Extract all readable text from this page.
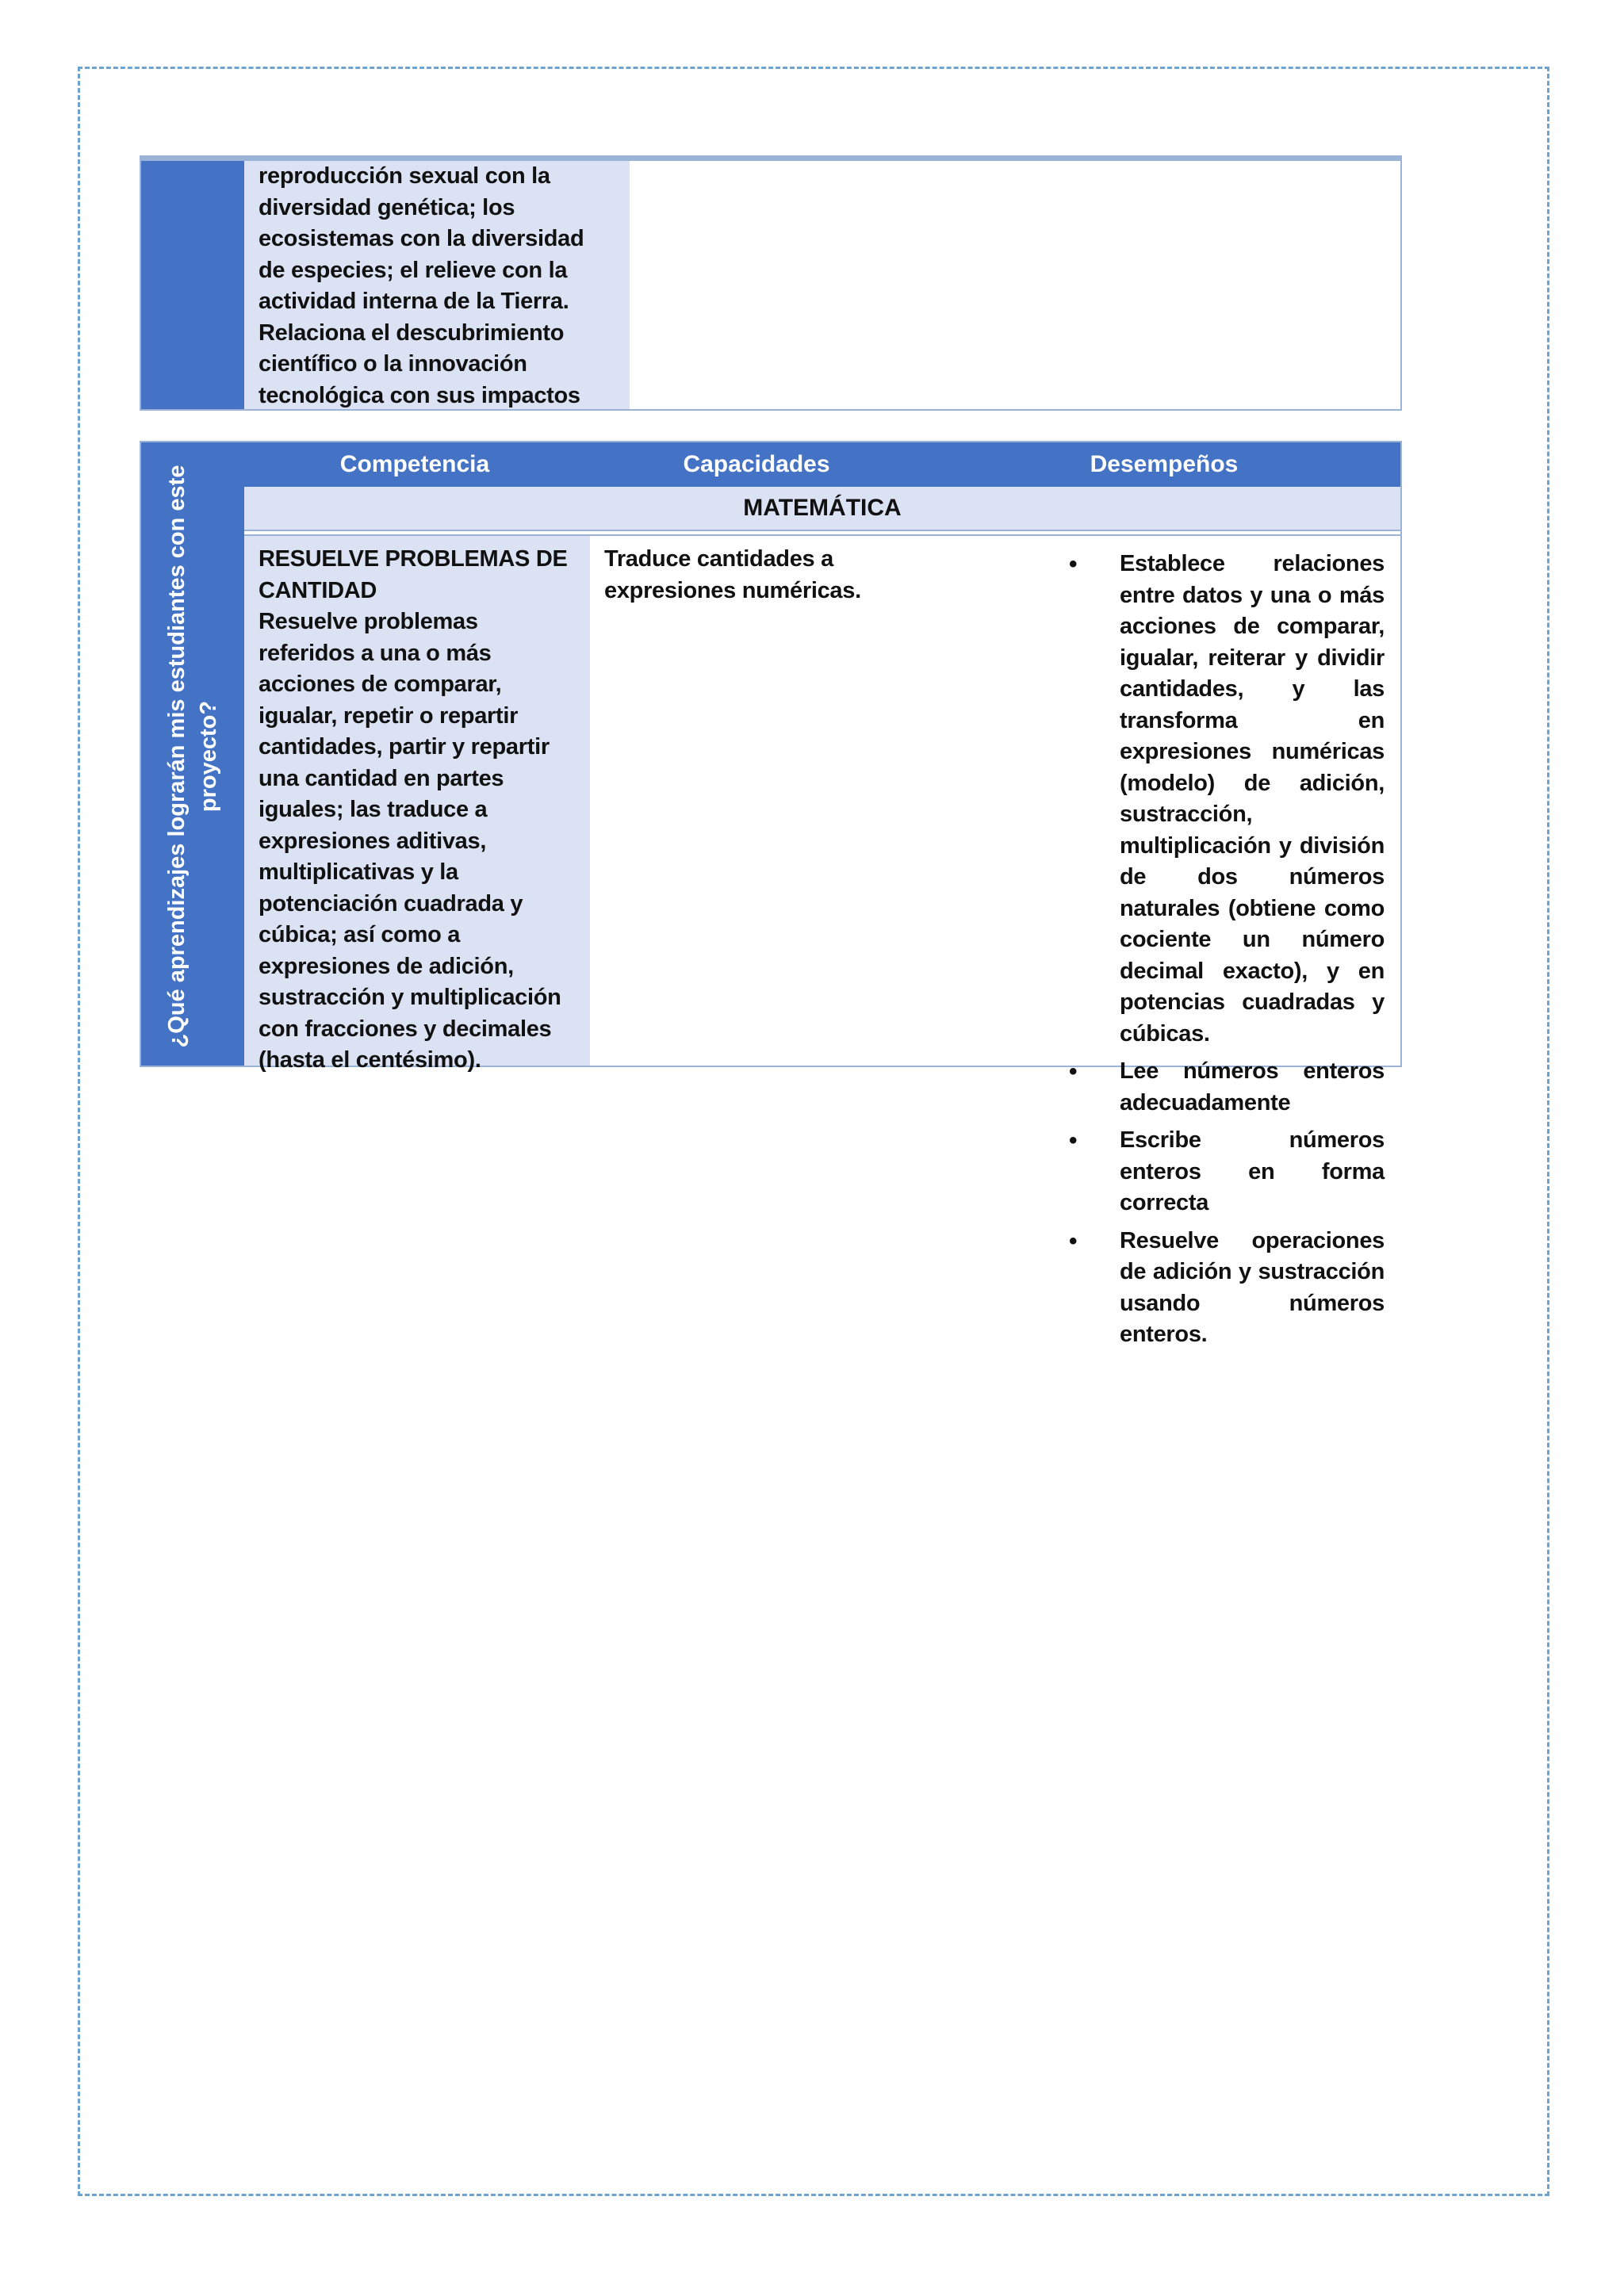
reproducción sexual con la

diversidad genética; los

ecosistemas con la diversidad

de especies; el relieve con la

actividad interna de la Tierra.

Relaciona el descubrimiento

científico o la innovación

tecnológica con sus impactos

¿Qué aprendizajes lograrán mis estudiantes con este proyecto?
Competencia	Capacidades	Desempeños
MATEMÁTICA

RESUELVE PROBLEMAS DE

CANTIDAD

Resuelve problemas

referidos a una o más

acciones de comparar,

igualar, repetir o repartir

cantidades, partir y repartir

una cantidad en partes

iguales; las traduce a

expresiones aditivas,

multiplicativas y la

potenciación cuadrada y

cúbica; así como a

expresiones de adición,

sustracción y multiplicación

con fracciones y decimales

(hasta el centésimo).

Traduce cantidades a

expresiones numéricas.

• Establece relaciones entre datos y una o más acciones de comparar, igualar, reiterar y dividir cantidades, y las transforma en expresiones numéricas (modelo) de adición, sustracción, multiplicación y división de dos números naturales (obtiene como cociente un número decimal exacto), y en potencias cuadradas y cúbicas.
• Lee números enteros adecuadamente
• Escribe números enteros en forma correcta
• Resuelve operaciones de adición y sustracción usando números enteros.
